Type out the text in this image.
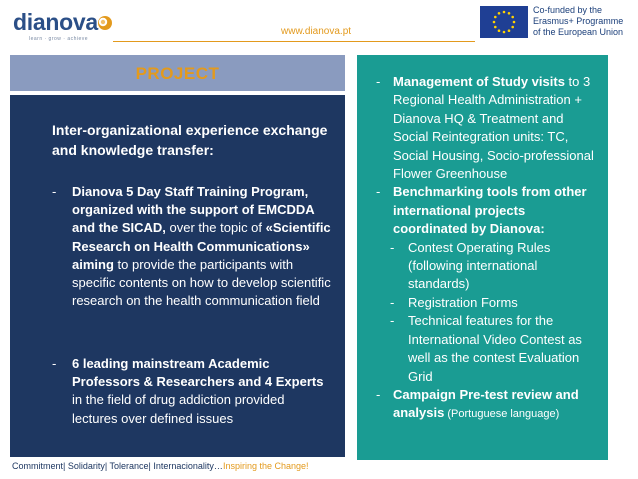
dianova
learn · grow · achieve
www.dianova.pt
Co-funded by the
Erasmus+ Programme
of the European Union
PROJECT
Inter-organizational experience exchange and knowledge transfer:
- Dianova 5 Day Staff Training Program, organized with the support of EMCDDA and the SICAD, over the topic of «Scientific Research on Health Communications» aiming to provide the participants with specific contents on how to develop scientific research on the health communication field
- 6 leading mainstream Academic Professors & Researchers and 4 Experts in the field of drug addiction provided lectures over defined issues
- Management of Study visits to 3 Regional Health Administration + Dianova HQ & Treatment and Social Reintegration units: TC, Social Housing, Socio-professional Flower Greenhouse
- Benchmarking tools from other international projects coordinated by Dianova:
- Contest Operating Rules (following international standards)
- Registration Forms
- Technical features for the International Video Contest as well as the contest Evaluation Grid
- Campaign Pre-test review and analysis (Portuguese language)
Commitment| Solidarity| Tolerance| Internacionality…Inspiring the Change!
